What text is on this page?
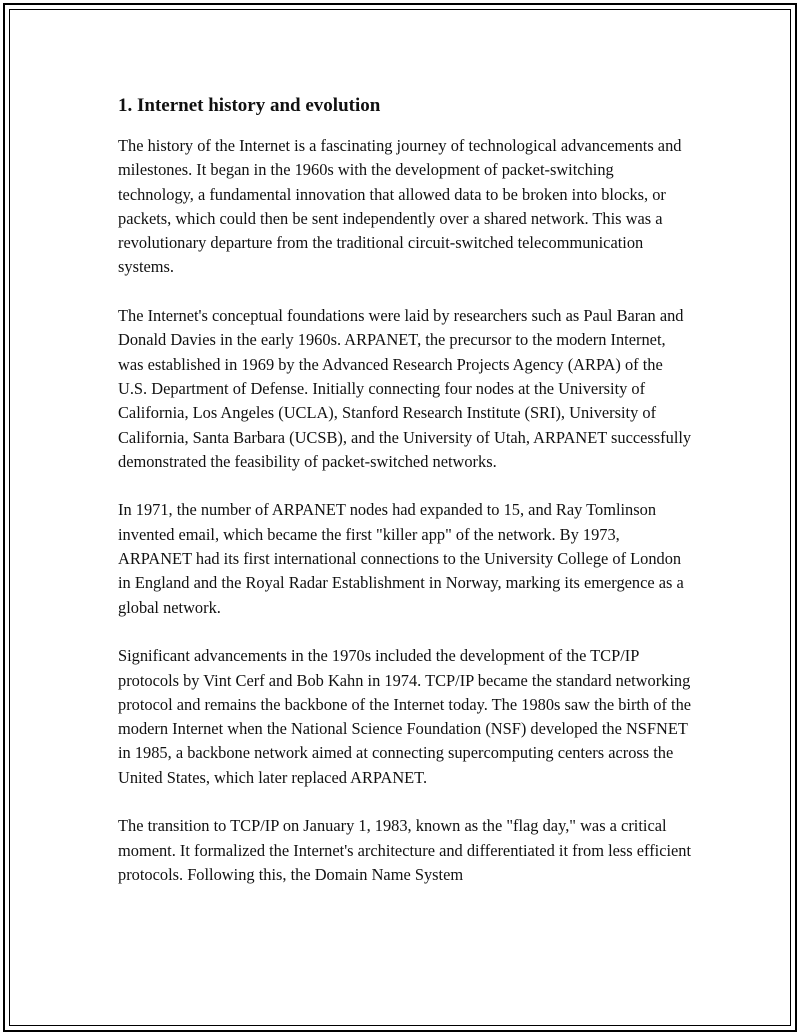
1. Internet history and evolution

The history of the Internet is a fascinating journey of technological advancements and milestones. It began in the 1960s with the development of packet-switching technology, a fundamental innovation that allowed data to be broken into blocks, or packets, which could then be sent independently over a shared network. This was a revolutionary departure from the traditional circuit-switched telecommunication systems.

The Internet's conceptual foundations were laid by researchers such as Paul Baran and Donald Davies in the early 1960s. ARPANET, the precursor to the modern Internet, was established in 1969 by the Advanced Research Projects Agency (ARPA) of the U.S. Department of Defense. Initially connecting four nodes at the University of California, Los Angeles (UCLA), Stanford Research Institute (SRI), University of California, Santa Barbara (UCSB), and the University of Utah, ARPANET successfully demonstrated the feasibility of packet-switched networks.

In 1971, the number of ARPANET nodes had expanded to 15, and Ray Tomlinson invented email, which became the first "killer app" of the network. By 1973, ARPANET had its first international connections to the University College of London in England and the Royal Radar Establishment in Norway, marking its emergence as a global network.

Significant advancements in the 1970s included the development of the TCP/IP protocols by Vint Cerf and Bob Kahn in 1974. TCP/IP became the standard networking protocol and remains the backbone of the Internet today. The 1980s saw the birth of the modern Internet when the National Science Foundation (NSF) developed the NSFNET in 1985, a backbone network aimed at connecting supercomputing centers across the United States, which later replaced ARPANET.

The transition to TCP/IP on January 1, 1983, known as the "flag day," was a critical moment. It formalized the Internet's architecture and differentiated it from less efficient protocols. Following this, the Domain Name System
